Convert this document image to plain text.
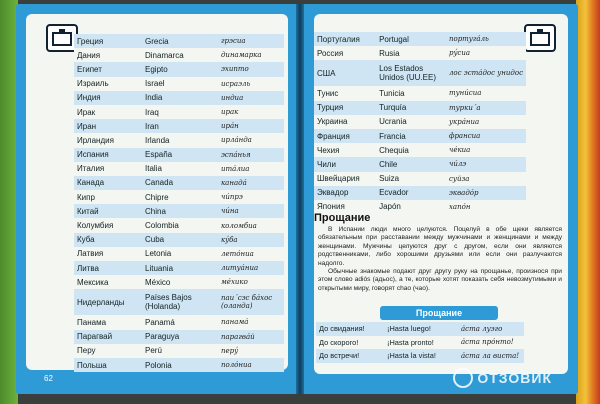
Греция	Grecia	грэсиа
Дания	Dinamarca	динамарка
Египет	Egipto	эхипто
Израиль	Israel	исраэль
Индия	India	индиа
Ирак	Iraq	ирак
Иран	Iran	ирáн
Ирландия	Irlanda	ирлáнда
Испания	España	эспáнья
Италия	Italia	итáлиа
Канада	Canada	канадá
Кипр	Chipre	чúпрэ
Китай	China	чúна
Колумбия	Colombia	коломбиа
Куба	Cuba	кýба
Латвия	Letonia	летóниа
Литва	Lituania	литуáниа
Мексика	México	мéхико
Нидерланды	Países Bajos (Holanda)	паи´сэс бáхос (оланда)
Панама	Panamá	панамá
Парагвай	Paraguya	парагвáй
Перу	Perú	перý
Польша	Polonia	полóниа
Португалия	Portugal	португáль
Россия	Rusia	рýсиа
США	Los Estados Unidos (UU.EE)	лос эстáдос унидос
Тунис	Tunicia	тунúсиа
Турция	Turquía	турки´а
Украина	Ucrania	укрáниа
Франция	Francia	франсиа
Чехия	Chequia	чéкиа
Чили	Chile	чúлэ
Швейцария	Suiza	суйза
Эквадор	Ecvador	эквадóр
Япония	Japón	хапóн
Прощание

В Испании люди много целуются. Поцелуй в обе щеки является обязательным при расставании между мужчинами и женщинами и между женщинами. Мужчины целуются друг с другом, если они являются родственниками, либо хорошими друзьями или если они разлучаются надолго.

Обычные знакомые подают друг другу руку на прощанье, произнося при этом слово adiós (адьос), а те, которые хотят показать себя невозмутимыми и открытыми миру, говорят chao (чао).

Прощание
До свидания!	¡Hasta luego!	áста луэго
До скорого!	¡Hasta pronto!	áста прóнто!
До встречи!	¡Hasta la vista!	áста ла виста!
62	ОТЗОВИК
